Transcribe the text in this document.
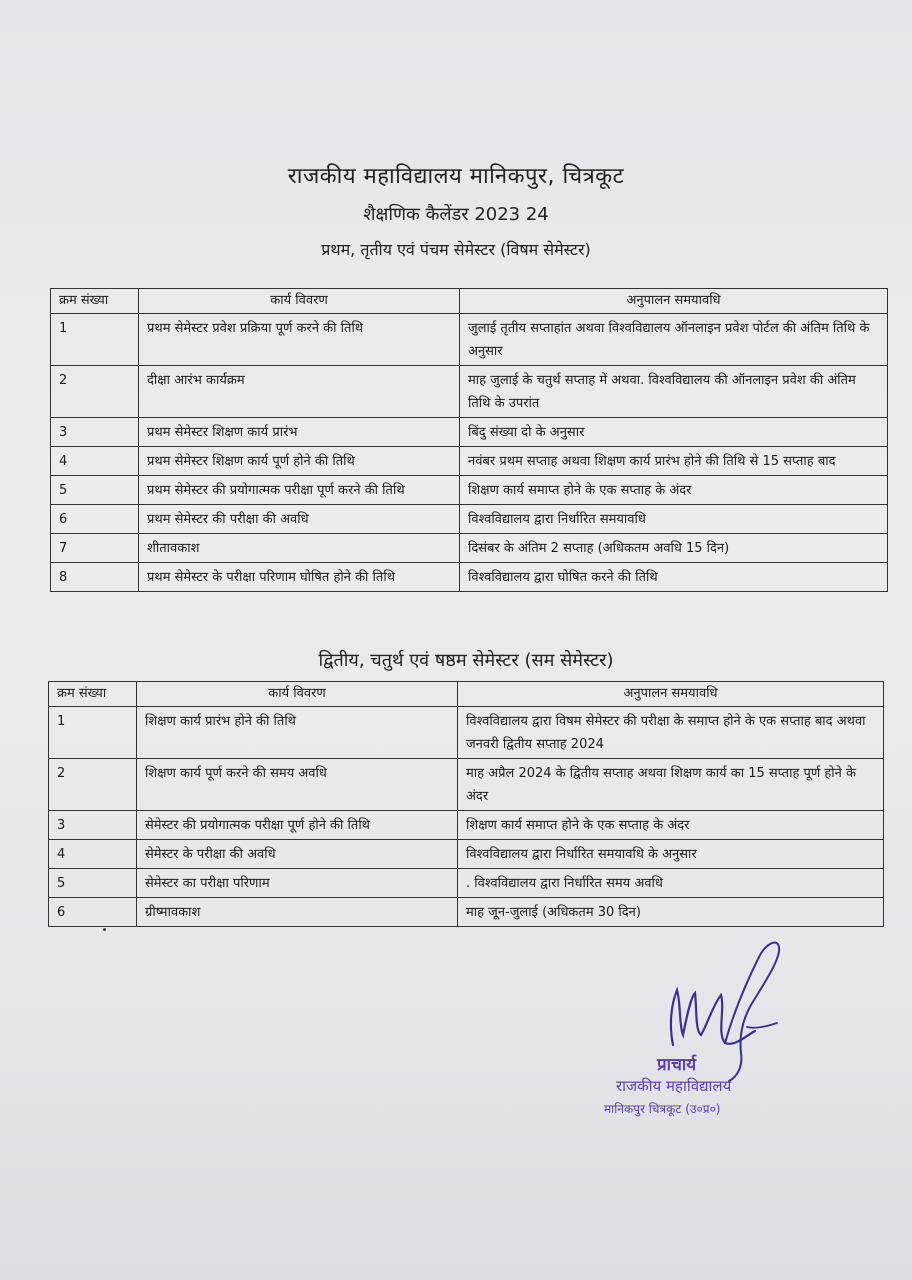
राजकीय महाविद्यालय मानिकपुर, चित्रकूट
शैक्षणिक कैलेंडर 2023 24
प्रथम, तृतीय एवं पंचम सेमेस्टर (विषम सेमेस्टर)
क्रम संख्या	कार्य विवरण	अनुपालन समयावधि
1	प्रथम सेमेस्टर प्रवेश प्रक्रिया पूर्ण करने की तिथि	जुलाई तृतीय सप्ताहांत अथवा विश्वविद्यालय ऑनलाइन प्रवेश पोर्टल की अंतिम तिथि के अनुसार
2	दीक्षा आरंभ कार्यक्रम	माह जुलाई के चतुर्थ सप्ताह में अथवा. विश्वविद्यालय की ऑनलाइन प्रवेश की अंतिम तिथि के उपरांत
3	प्रथम सेमेस्टर शिक्षण कार्य प्रारंभ	बिंदु संख्या दो के अनुसार
4	प्रथम सेमेस्टर शिक्षण कार्य पूर्ण होने की तिथि	नवंबर प्रथम सप्ताह अथवा शिक्षण कार्य प्रारंभ होने की तिथि से 15 सप्ताह बाद
5	प्रथम सेमेस्टर की प्रयोगात्मक परीक्षा पूर्ण करने की तिथि	शिक्षण कार्य समाप्त होने के एक सप्ताह के अंदर
6	प्रथम सेमेस्टर की परीक्षा की अवधि	विश्वविद्यालय द्वारा निर्धारित समयावधि
7	शीतावकाश	दिसंबर के अंतिम 2 सप्ताह (अधिकतम अवधि 15 दिन)
8	प्रथम सेमेस्टर के परीक्षा परिणाम घोषित होने की तिथि	विश्वविद्यालय द्वारा घोषित करने की तिथि
द्वितीय, चतुर्थ एवं षष्ठम सेमेस्टर (सम सेमेस्टर)
क्रम संख्या	कार्य विवरण	अनुपालन समयावधि
1	शिक्षण कार्य प्रारंभ होने की तिथि	विश्वविद्यालय द्वारा विषम सेमेस्टर की परीक्षा के समाप्त होने के एक सप्ताह बाद अथवा जनवरी द्वितीय सप्ताह 2024
2	शिक्षण कार्य पूर्ण करने की समय अवधि	माह अप्रैल 2024 के द्वितीय सप्ताह अथवा शिक्षण कार्य का 15 सप्ताह पूर्ण होने के अंदर
3	सेमेस्टर की प्रयोगात्मक परीक्षा पूर्ण होने की तिथि	शिक्षण कार्य समाप्त होने के एक सप्ताह के अंदर
4	सेमेस्टर के परीक्षा की अवधि	विश्वविद्यालय द्वारा निर्धारित समयावधि के अनुसार
5	सेमेस्टर का परीक्षा परिणाम	. विश्वविद्यालय द्वारा निर्धारित समय अवधि
6	ग्रीष्मावकाश	माह जून-जुलाई (अधिकतम 30 दिन)
प्राचार्य
राजकीय महाविद्यालय
मानिकपुर चित्रकूट (उ०प्र०)
